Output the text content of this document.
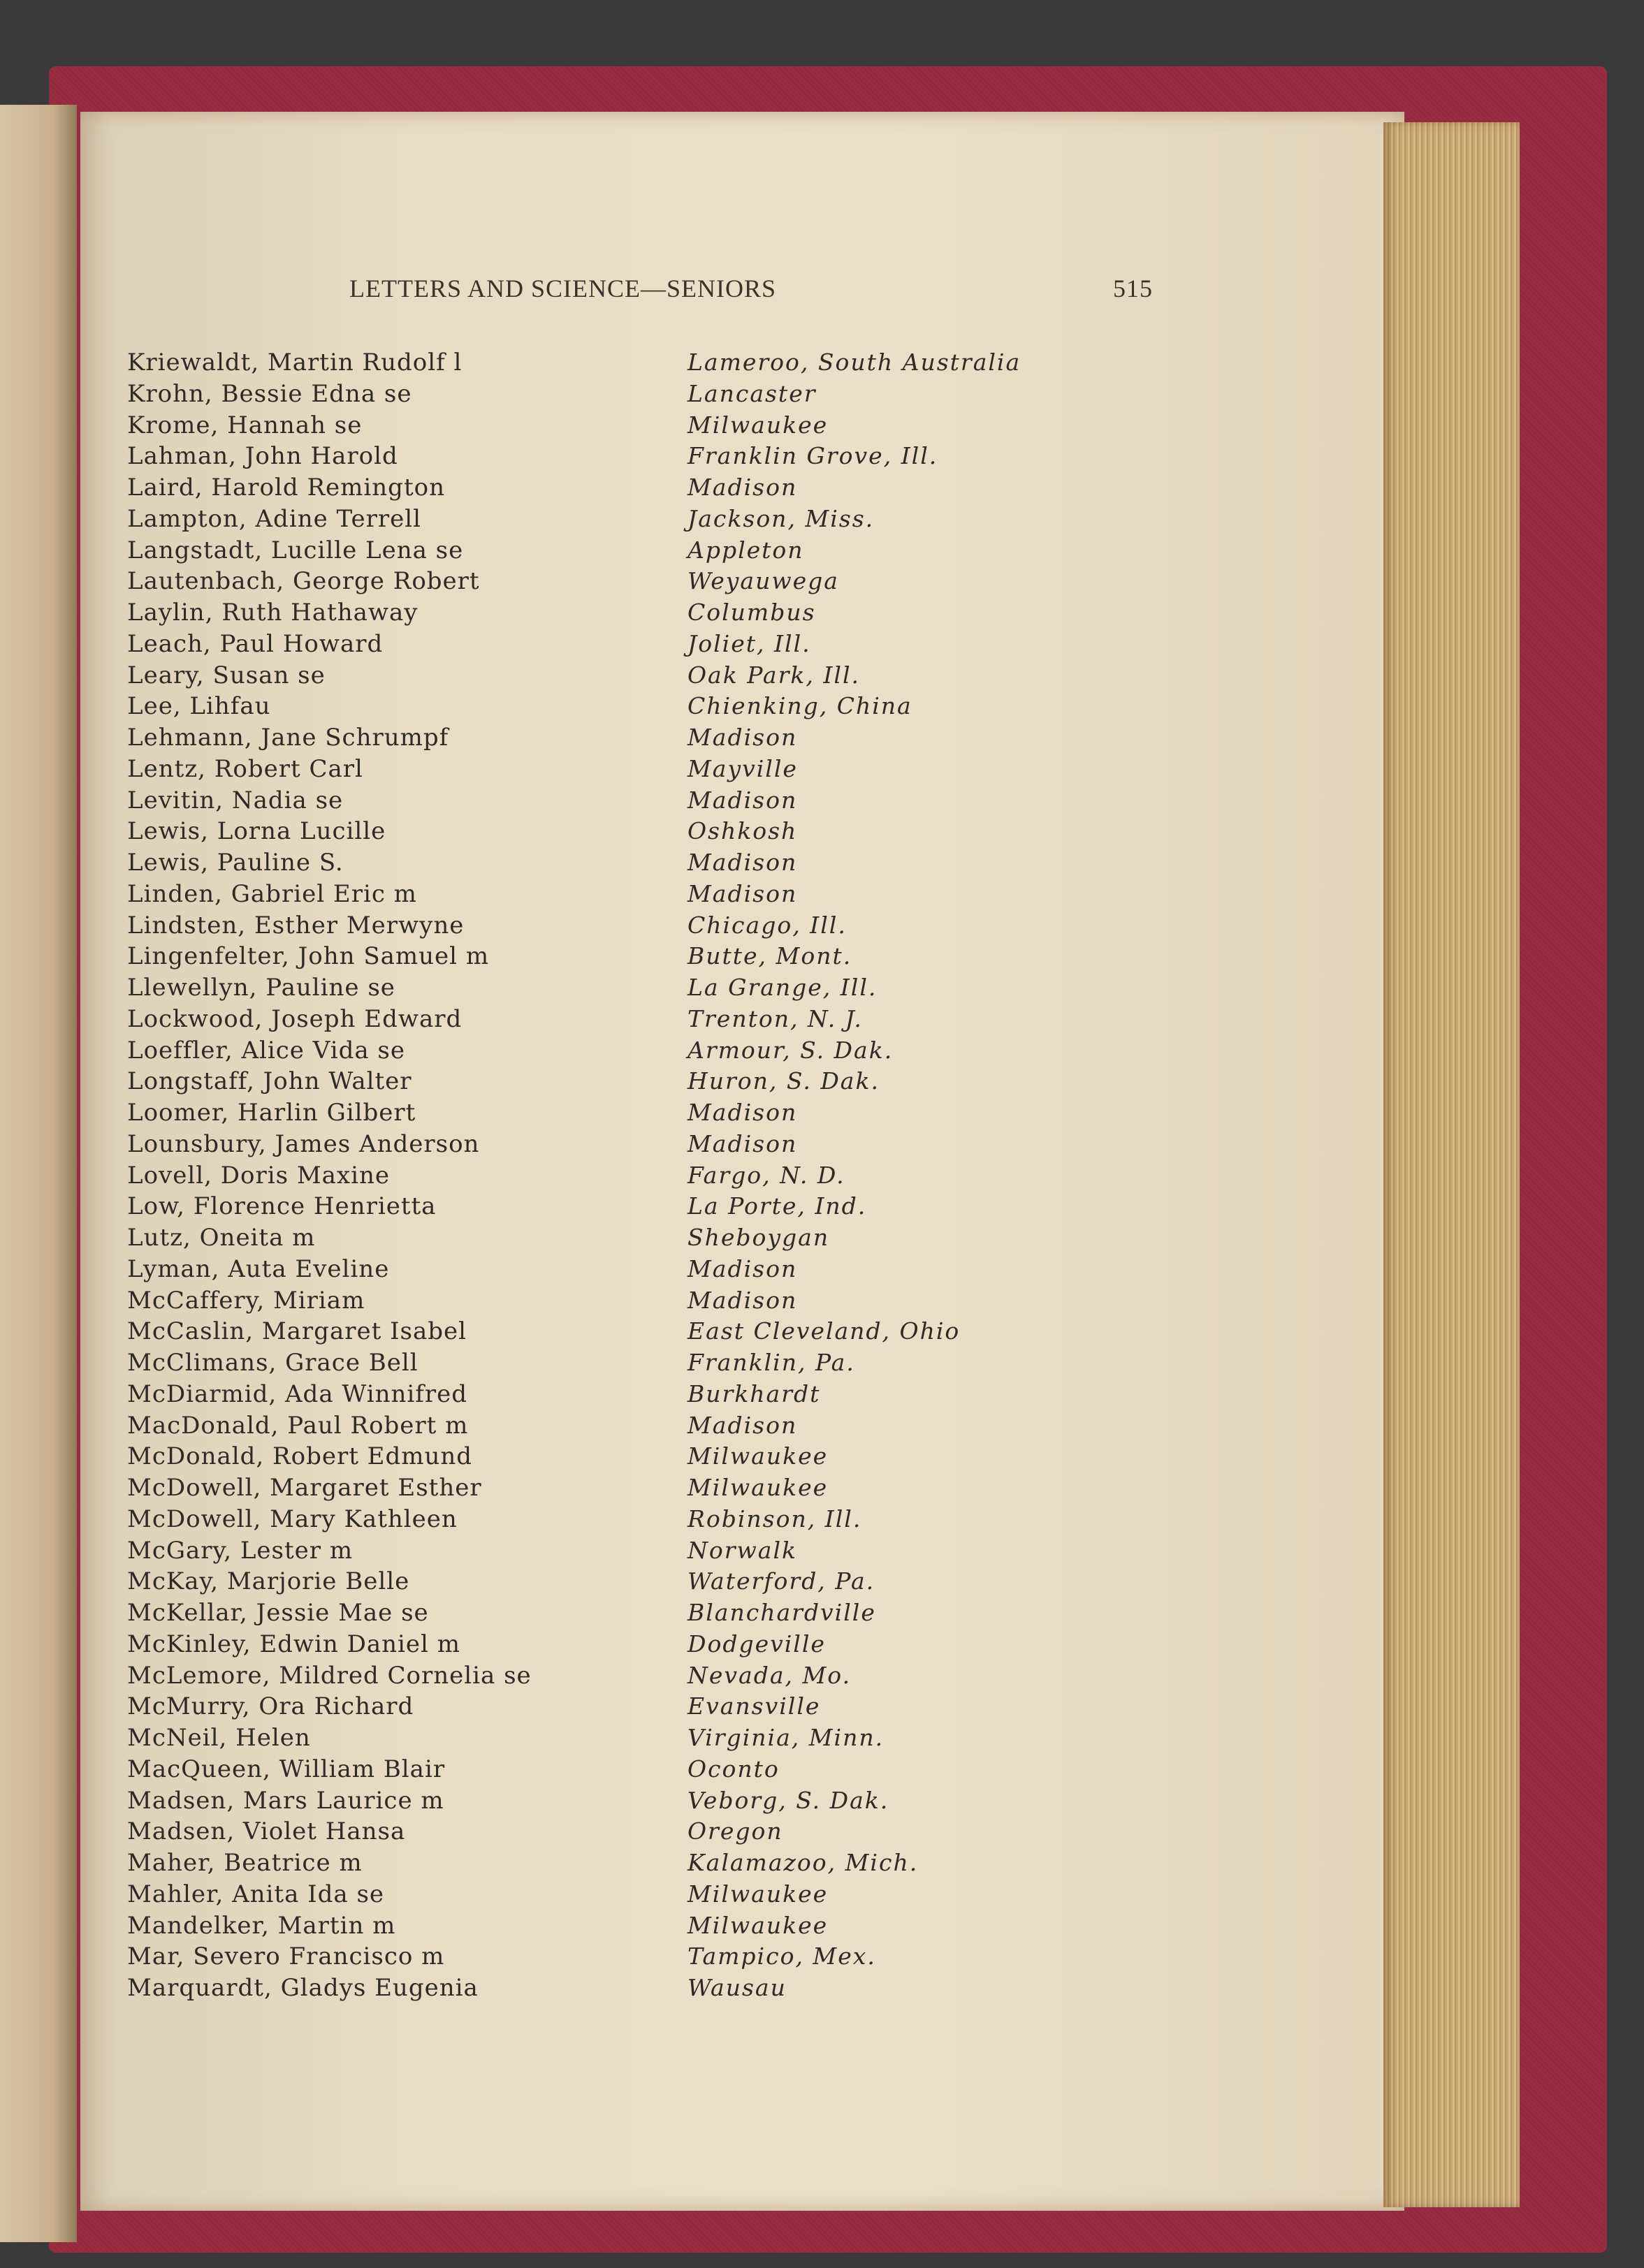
LETTERS AND SCIENCE—SENIORS	515
Kriewaldt, Martin Rudolf l	Lameroo, South Australia
Krohn, Bessie Edna se	Lancaster
Krome, Hannah se	Milwaukee
Lahman, John Harold	Franklin Grove, Ill.
Laird, Harold Remington	Madison
Lampton, Adine Terrell	Jackson, Miss.
Langstadt, Lucille Lena se	Appleton
Lautenbach, George Robert	Weyauwega
Laylin, Ruth Hathaway	Columbus
Leach, Paul Howard	Joliet, Ill.
Leary, Susan se	Oak Park, Ill.
Lee, Lihfau	Chienking, China
Lehmann, Jane Schrumpf	Madison
Lentz, Robert Carl	Mayville
Levitin, Nadia se	Madison
Lewis, Lorna Lucille	Oshkosh
Lewis, Pauline S.	Madison
Linden, Gabriel Eric m	Madison
Lindsten, Esther Merwyne	Chicago, Ill.
Lingenfelter, John Samuel m	Butte, Mont.
Llewellyn, Pauline se	La Grange, Ill.
Lockwood, Joseph Edward	Trenton, N. J.
Loeffler, Alice Vida se	Armour, S. Dak.
Longstaff, John Walter	Huron, S. Dak.
Loomer, Harlin Gilbert	Madison
Lounsbury, James Anderson	Madison
Lovell, Doris Maxine	Fargo, N. D.
Low, Florence Henrietta	La Porte, Ind.
Lutz, Oneita m	Sheboygan
Lyman, Auta Eveline	Madison
McCaffery, Miriam	Madison
McCaslin, Margaret Isabel	East Cleveland, Ohio
McClimans, Grace Bell	Franklin, Pa.
McDiarmid, Ada Winnifred	Burkhardt
MacDonald, Paul Robert m	Madison
McDonald, Robert Edmund	Milwaukee
McDowell, Margaret Esther	Milwaukee
McDowell, Mary Kathleen	Robinson, Ill.
McGary, Lester m	Norwalk
McKay, Marjorie Belle	Waterford, Pa.
McKellar, Jessie Mae se	Blanchardville
McKinley, Edwin Daniel m	Dodgeville
McLemore, Mildred Cornelia se	Nevada, Mo.
McMurry, Ora Richard	Evansville
McNeil, Helen	Virginia, Minn.
MacQueen, William Blair	Oconto
Madsen, Mars Laurice m	Veborg, S. Dak.
Madsen, Violet Hansa	Oregon
Maher, Beatrice m	Kalamazoo, Mich.
Mahler, Anita Ida se	Milwaukee
Mandelker, Martin m	Milwaukee
Mar, Severo Francisco m	Tampico, Mex.
Marquardt, Gladys Eugenia	Wausau
